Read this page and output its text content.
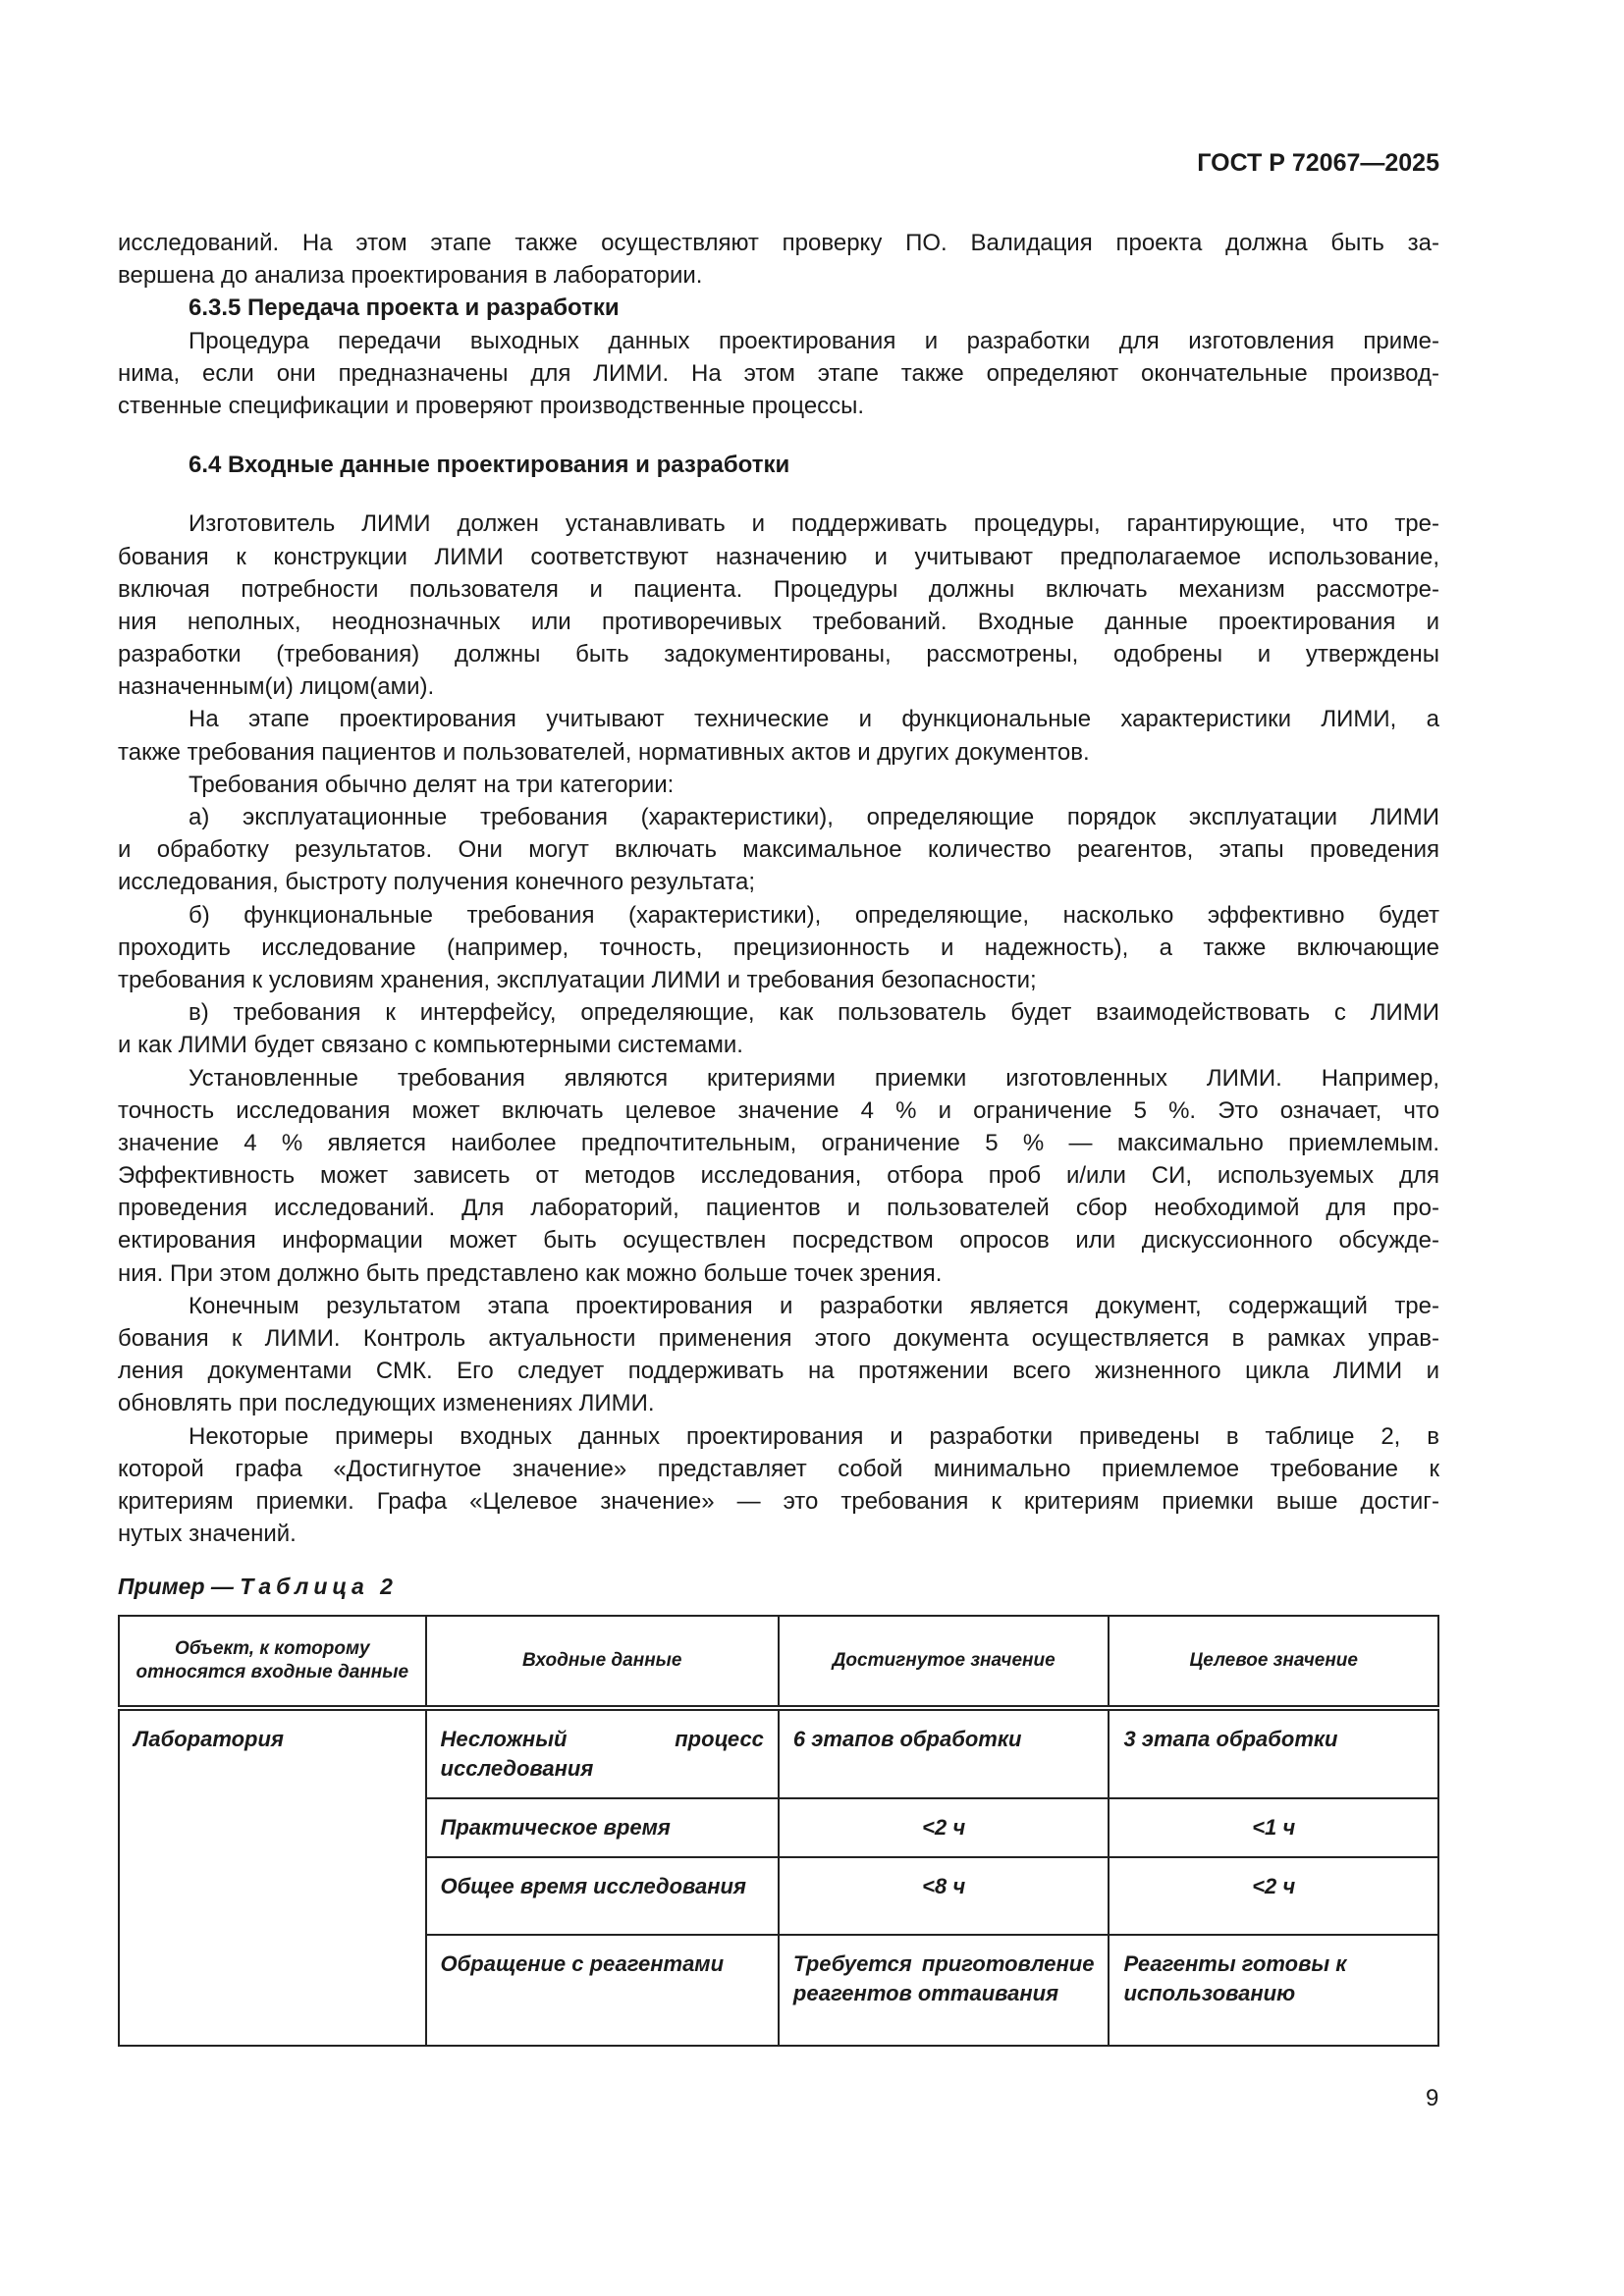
ГОСТ Р 72067—2025
исследований. На этом этапе также осуществляют проверку ПО. Валидация проекта должна быть за-
вершена до анализа проектирования в лаборатории.
6.3.5 Передача проекта и разработки
Процедура передачи выходных данных проектирования и разработки для изготовления приме-
нима, если они предназначены для ЛИМИ. На этом этапе также определяют окончательные производ-
ственные спецификации и проверяют производственные процессы.
6.4 Входные данные проектирования и разработки
Изготовитель ЛИМИ должен устанавливать и поддерживать процедуры, гарантирующие, что тре-
бования к конструкции ЛИМИ соответствуют назначению и учитывают предполагаемое использование,
включая потребности пользователя и пациента. Процедуры должны включать механизм рассмотре-
ния неполных, неоднозначных или противоречивых требований. Входные данные проектирования и
разработки (требования) должны быть задокументированы, рассмотрены, одобрены и утверждены
назначенным(и) лицом(ами).
На этапе проектирования учитывают технические и функциональные характеристики ЛИМИ, а
также требования пациентов и пользователей, нормативных актов и других документов.
Требования обычно делят на три категории:
а) эксплуатационные требования (характеристики), определяющие порядок эксплуатации ЛИМИ
и обработку результатов. Они могут включать максимальное количество реагентов, этапы проведения
исследования, быстроту получения конечного результата;
б) функциональные требования (характеристики), определяющие, насколько эффективно будет
проходить исследование (например, точность, прецизионность и надежность), а также включающие
требования к условиям хранения, эксплуатации ЛИМИ и требования безопасности;
в) требования к интерфейсу, определяющие, как пользователь будет взаимодействовать с ЛИМИ
и как ЛИМИ будет связано с компьютерными системами.
Установленные требования являются критериями приемки изготовленных ЛИМИ. Например,
точность исследования может включать целевое значение 4 % и ограничение 5 %. Это означает, что
значение 4 % является наиболее предпочтительным, ограничение 5 % — максимально приемлемым.
Эффективность может зависеть от методов исследования, отбора проб и/или СИ, используемых для
проведения исследований. Для лабораторий, пациентов и пользователей сбор необходимой для про-
ектирования информации может быть осуществлен посредством опросов или дискуссионного обсужде-
ния. При этом должно быть представлено как можно больше точек зрения.
Конечным результатом этапа проектирования и разработки является документ, содержащий тре-
бования к ЛИМИ. Контроль актуальности применения этого документа осуществляется в рамках управ-
ления документами СМК. Его следует поддерживать на протяжении всего жизненного цикла ЛИМИ и
обновлять при последующих изменениях ЛИМИ.
Некоторые примеры входных данных проектирования и разработки приведены в таблице 2, в
которой графа «Достигнутое значение» представляет собой минимально приемлемое требование к
критериям приемки. Графа «Целевое значение» — это требования к критериям приемки выше достиг-
нутых значений.
Пример — Таблица 2
Объект, к которому относятся входные данные	Входные данные	Достигнутое значение	Целевое значение
Лаборатория	Несложный процесс исследования	6 этапов обработки	3 этапа обработки
	Практическое время	<2 ч	<1 ч
	Общее время исследования	<8 ч	<2 ч
	Обращение с реагентами	Требуется приготовление реагентов оттаивания	Реагенты готовы к использованию
9
